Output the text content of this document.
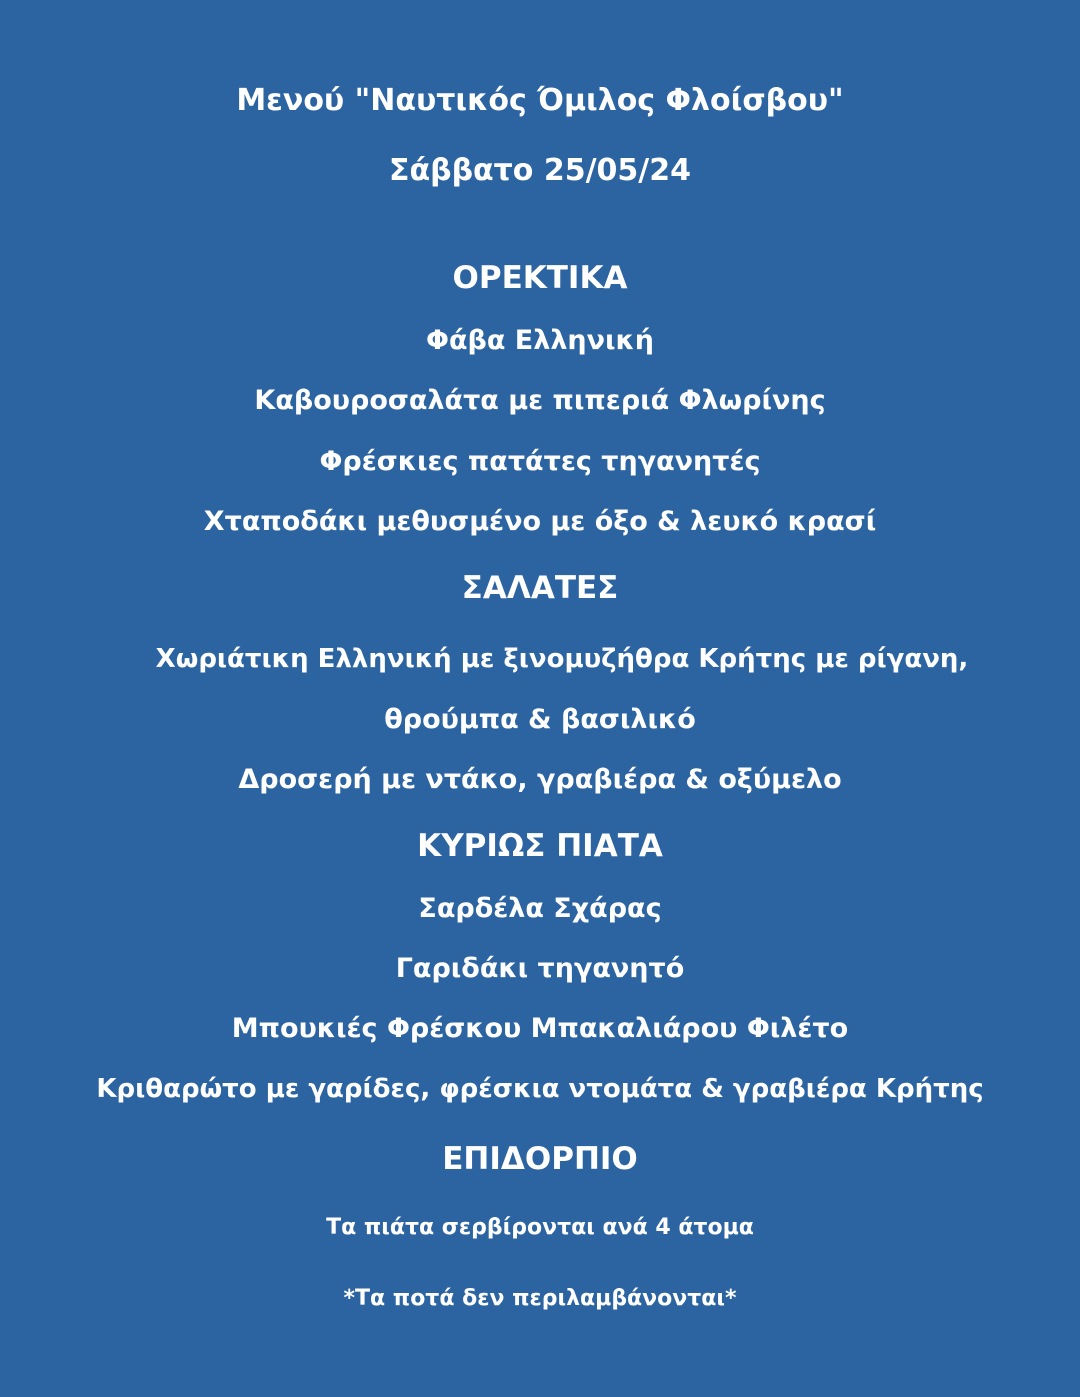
Μενού "Ναυτικός Όμιλος Φλοίσβου"
Σάββατο 25/05/24
ΟΡΕΚΤΙΚΑ
Φάβα Ελληνική
Καβουροσαλάτα με πιπεριά Φλωρίνης
Φρέσκιες πατάτες τηγανητές
Χταποδάκι μεθυσμένο με όξο & λευκό κρασί
ΣΑΛΑΤΕΣ
Χωριάτικη Ελληνική με ξινομυζήθρα Κρήτης με ρίγανη,
θρούμπα & βασιλικό
Δροσερή με ντάκο, γραβιέρα & οξύμελο
ΚΥΡΙΩΣ ΠΙΑΤΑ
Σαρδέλα Σχάρας
Γαριδάκι τηγανητό
Μπουκιές Φρέσκου Μπακαλιάρου Φιλέτο
Κριθαρώτο με γαρίδες, φρέσκια ντομάτα & γραβιέρα Κρήτης
ΕΠΙΔΟΡΠΙΟ
Τα πιάτα σερβίρονται ανά 4 άτομα
*Τα ποτά δεν περιλαμβάνονται*
